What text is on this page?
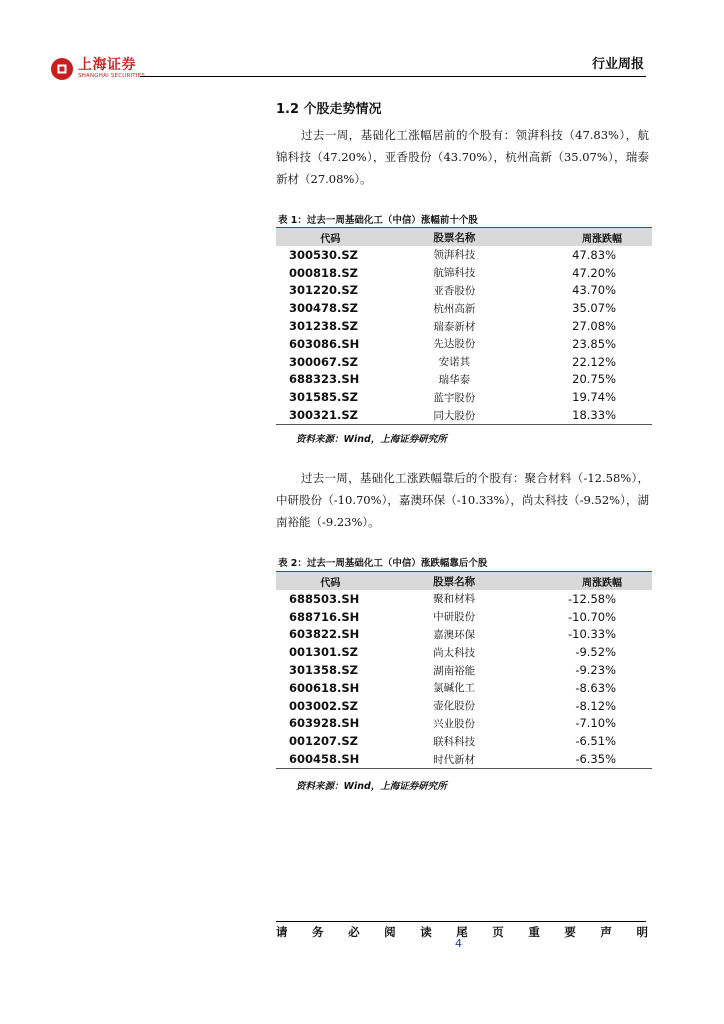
上海证券
SHANGHAI SECURITIES
行业周报
1.2 个股走势情况
过去一周，基础化工涨幅居前的个股有：领湃科技（47.83%），航锦科技（47.20%），亚香股份（43.70%），杭州高新（35.07%），瑞泰新材（27.08%）。
表 1：过去一周基础化工（中信）涨幅前十个股
代码	股票名称	周涨跌幅
300530.SZ	领湃科技	47.83%
000818.SZ	航锦科技	47.20%
301220.SZ	亚香股份	43.70%
300478.SZ	杭州高新	35.07%
301238.SZ	瑞泰新材	27.08%
603086.SH	先达股份	23.85%
300067.SZ	安诺其	22.12%
688323.SH	瑞华泰	20.75%
301585.SZ	蓝宇股份	19.74%
300321.SZ	同大股份	18.33%
资料来源：Wind，上海证券研究所
过去一周，基础化工涨跌幅靠后的个股有：聚合材料（-12.58%），中研股份（-10.70%），嘉澳环保（-10.33%），尚太科技（-9.52%），湖南裕能（-9.23%）。
表 2：过去一周基础化工（中信）涨跌幅靠后个股
代码	股票名称	周涨跌幅
688503.SH	聚和材料	-12.58%
688716.SH	中研股份	-10.70%
603822.SH	嘉澳环保	-10.33%
001301.SZ	尚太科技	-9.52%
301358.SZ	湖南裕能	-9.23%
600618.SH	氯碱化工	-8.63%
003002.SZ	壶化股份	-8.12%
603928.SH	兴业股份	-7.10%
001207.SZ	联科科技	-6.51%
600458.SH	时代新材	-6.35%
资料来源：Wind，上海证券研究所
请 务 必 阅 读 尾 页 重 要 声 明
4
